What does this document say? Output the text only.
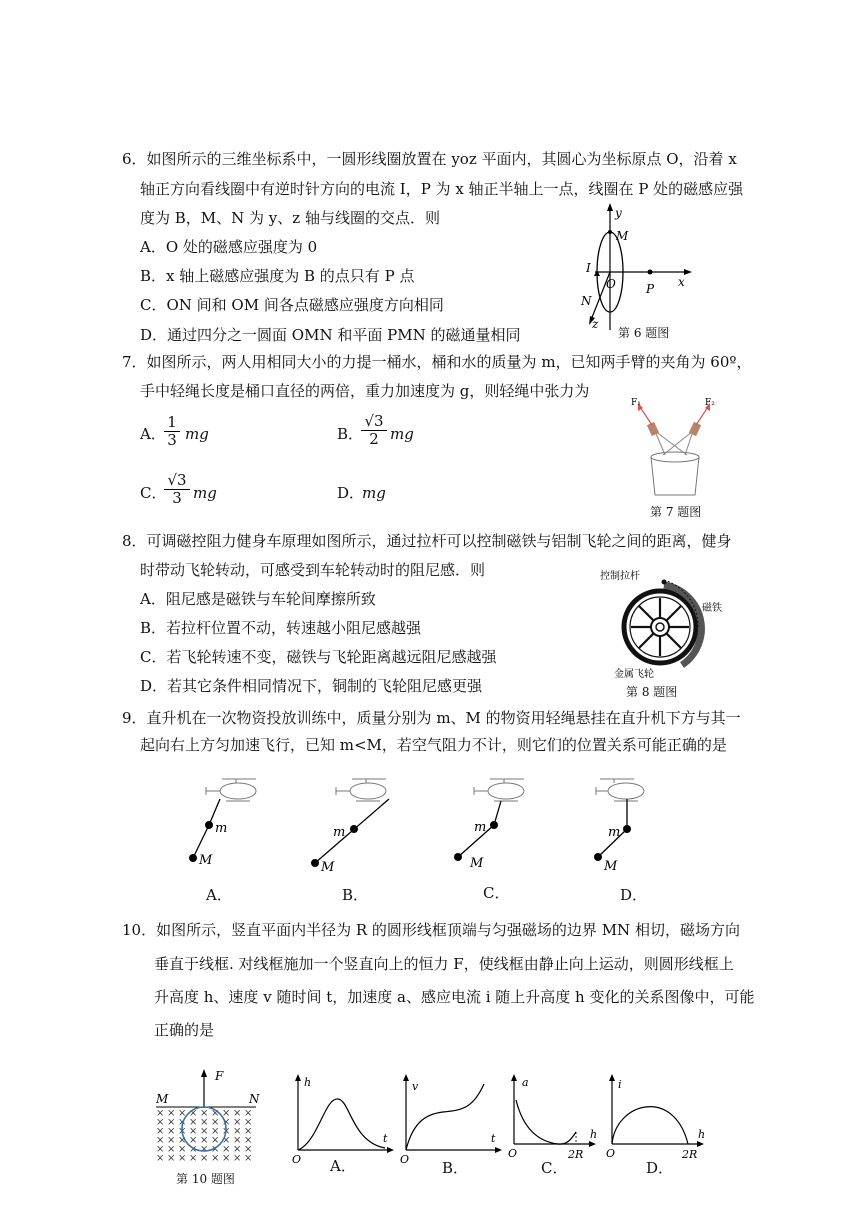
6．如图所示的三维坐标系中，一圆形线圈放置在 yoz 平面内，其圆心为坐标原点 O，沿着 x
轴正方向看线圈中有逆时针方向的电流 I，P 为 x 轴正半轴上一点，线圈在 P 处的磁感应强
度为 B，M、N 为 y、z 轴与线圈的交点．则
A．O 处的磁感应强度为 0
B．x 轴上磁感应强度为 B 的点只有 P 点
C．ON 间和 OM 间各点磁感应强度方向相同
D．通过四分之一圆面 OMN 和平面 PMN 的磁通量相同
y
M
I
O	P x
N
z
第 6 题图
7．如图所示，两人用相同大小的力提一桶水，桶和水的质量为 m，已知两手臂的夹角为 60º，
手中轻绳长度是桶口直径的两倍，重力加速度为 g，则轻绳中张力为
A．
$\frac{1}{3}$ mg	B．
$\frac{√3}{2}$ mg
C．
$\frac{√3}{3}$ mg	D．
mg
F₁	F₂
第 7 题图
8．可调磁控阻力健身车原理如图所示，通过拉杆可以控制磁铁与铝制飞轮之间的距离，健身
时带动飞轮转动，可感受到车轮转动时的阻尼感．则
A．阻尼感是磁铁与车轮间摩擦所致
B．若拉杆位置不动，转速越小阻尼感越强
C．若飞轮转速不变，磁铁与飞轮距离越远阻尼感越强
D．若其它条件相同情况下，铜制的飞轮阻尼感更强
控制拉杆
磁铁
金属飞轮
第 8 题图
9．直升机在一次物资投放训练中，质量分别为 m、M 的物资用轻绳悬挂在直升机下方与其一
起向右上方匀加速飞行，已知 m<M，若空气阻力不计，则它们的位置关系可能正确的是
m
M
m
M
m
M
m
M
A．	B．	C．	D．
10．如图所示，竖直平面内半径为 R 的圆形线框顶端与匀强磁场的边界 MN 相切，磁场方向
垂直于线框. 对线框施加一个竖直向上的恒力 F，使线框由静止向上运动，则圆形线框上
升高度 h、速度 v 随时间 t，加速度 a、感应电流 i 随上升高度 h 变化的关系图像中，可能
正确的是
× × × × × × × × ×
× × × × × × × × ×
× × × × × × × × ×
× × × × × × × × ×
× × × × × × × × ×
× × × × × × × × ×
F
M	N
第 10 题图
h
t
O A．
v
t
O B．
a
h
O	2R
C．
i
h
O	2R
D．
